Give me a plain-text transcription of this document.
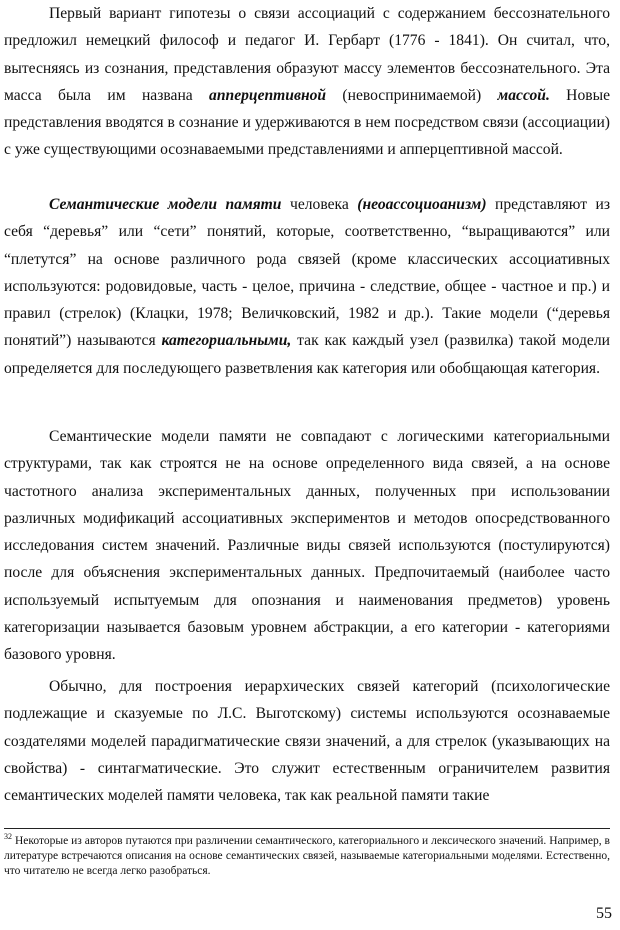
Первый вариант гипотезы о связи ассоциаций с содержанием бессознательного предложил немецкий философ и педагог И. Гербарт (1776 - 1841). Он считал, что, вытесняясь из сознания, представления образуют массу элементов бессознательного. Эта масса была им названа апперцептивной (невоспринимаемой) массой. Новые представления вводятся в сознание и удерживаются в нем посредством связи (ассоциации) с уже существующими осознаваемыми представлениями и апперцептивной массой.

Семантические модели памяти человека (неоассоциоанизм) представляют из себя “деревья” или “сети” понятий, которые, соответственно, “выращиваются” или “плетутся” на основе различного рода связей (кроме классических ассоциативных используются: родовидовые, часть - целое, причина - следствие, общее - частное и пр.) и правил (стрелок) (Клацки, 1978; Величковский, 1982 и др.). Такие модели (“деревья понятий”) называются категориальными, так как каждый узел (развилка) такой модели определяется для последующего разветвления как категория или обобщающая категория.

Семантические модели памяти не совпадают с логическими категориальными структурами, так как строятся не на основе определенного вида связей, а на основе частотного анализа экспериментальных данных, полученных при использовании различных модификаций ассоциативных экспериментов и методов опосредствованного исследования систем значений. Различные виды связей используются (постулируются) после для объяснения экспериментальных данных. Предпочитаемый (наиболее часто используемый испытуемым для опознания и наименования предметов) уровень категоризации называется базовым уровнем абстракции, а его категории - категориями базового уровня.

Обычно, для построения иерархических связей категорий (психологические подлежащие и сказуемые по Л.С. Выготскому) системы используются осознаваемые создателями моделей парадигматические связи значений, а для стрелок (указывающих на свойства) - синтагматические. Это служит естественным ограничителем развития семантических моделей памяти человека, так как реальной памяти такие

$^{32}$ Некоторые из авторов путаются при различении семантического, категориального и лексического значений. Например, в литературе встречаются описания на основе семантических связей, называемые категориальными моделями. Естественно, что читателю не всегда легко разобраться.

55
